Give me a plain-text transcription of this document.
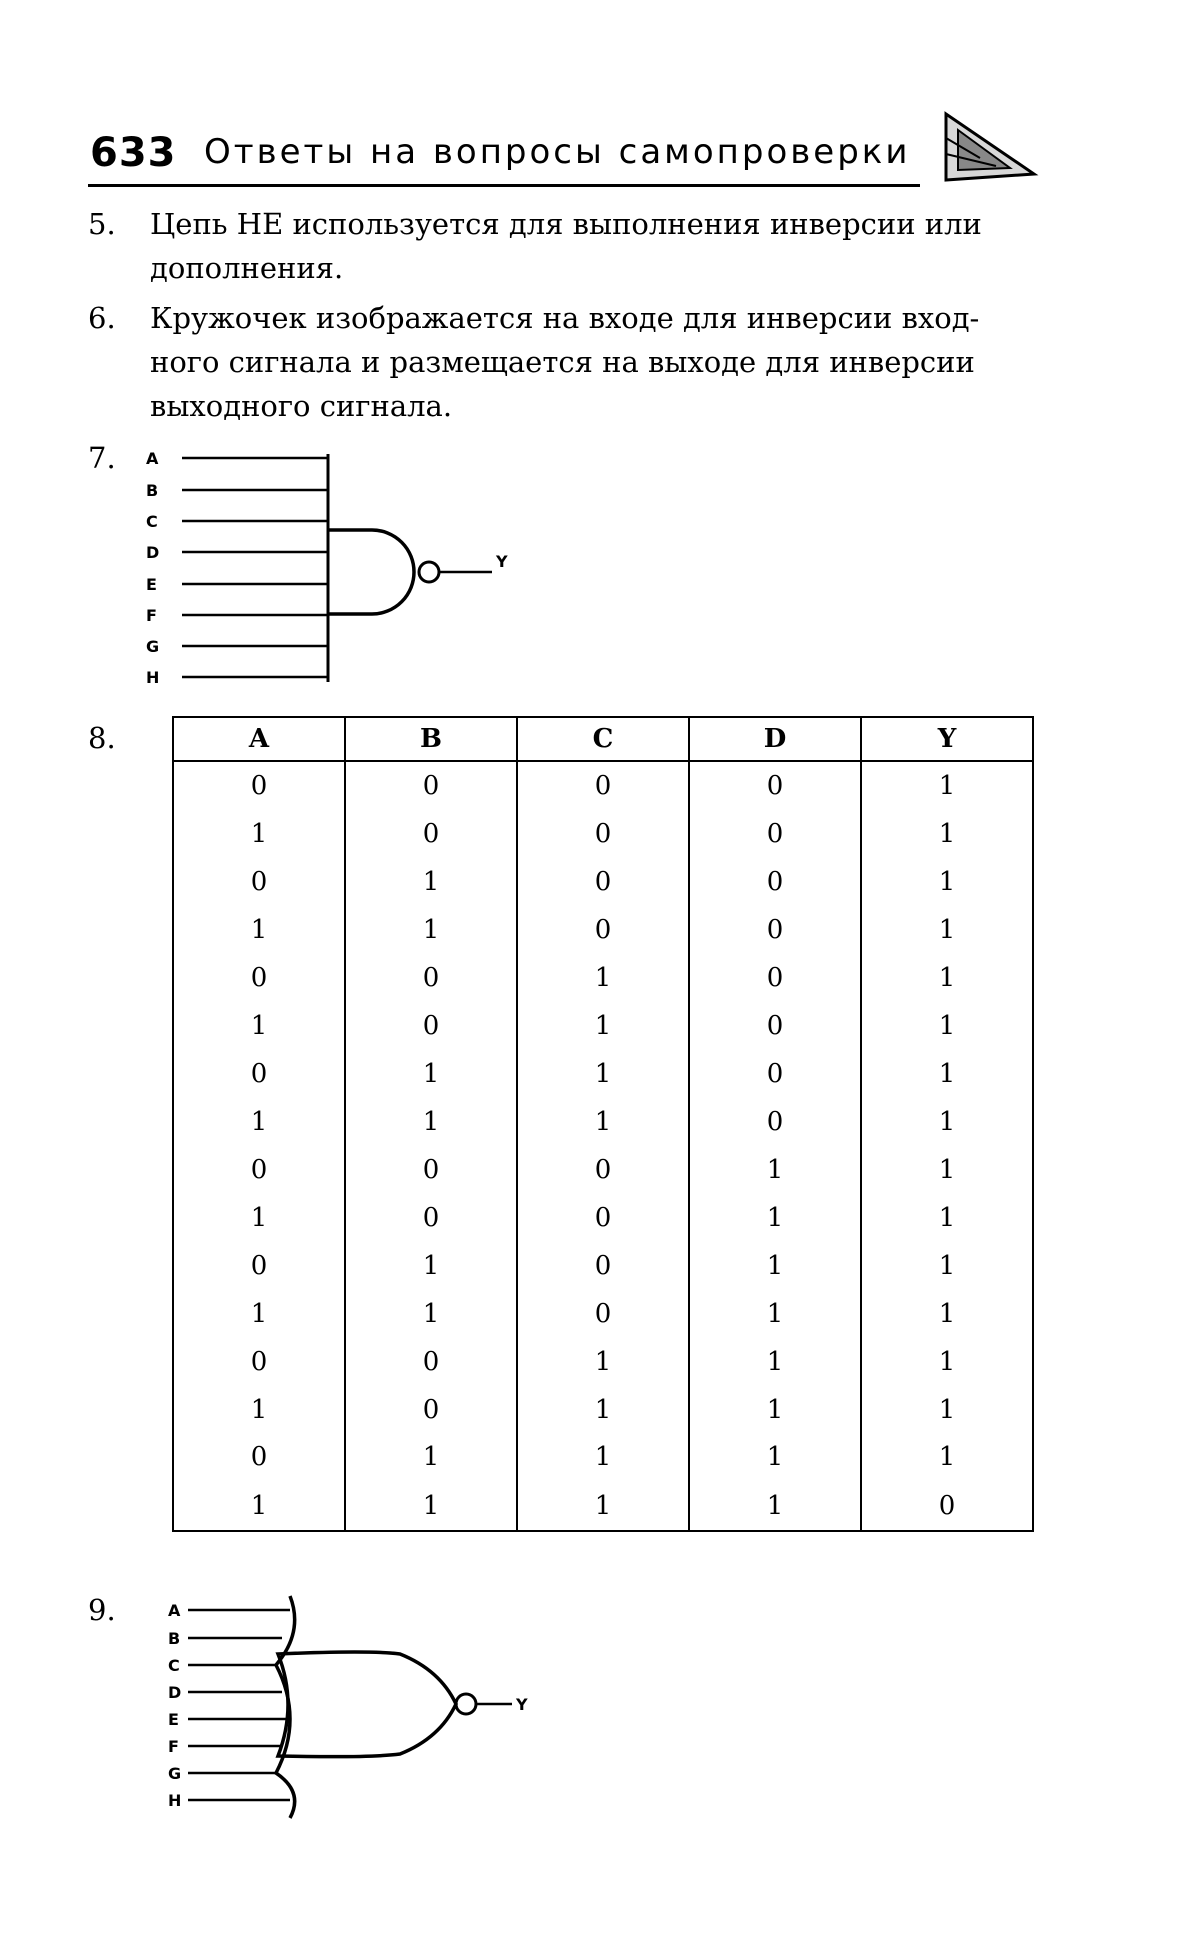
633 Ответы на вопросы самопроверки
5. Цепь НЕ используется для выполнения инверсии или
дополнения.
6. Кружочек изображается на входе для инверсии вход-
ного сигнала и размещается на выходе для инверсии
выходного сигнала.
7. A
B
C
D
E
F
G
H
Y
8.	A	B	C	D	Y
0	0	0	0	1
1	0	0	0	1
0	1	0	0	1
1	1	0	0	1
0	0	1	0	1
1	0	1	0	1
0	1	1	0	1
1	1	1	0	1
0	0	0	1	1
1	0	0	1	1
0	1	0	1	1
1	1	0	1	1
0	0	1	1	1
1	0	1	1	1
0	1	1	1	1
1	1	1	1	0
9.	A
B
C
D
E
F
G
H
Y
